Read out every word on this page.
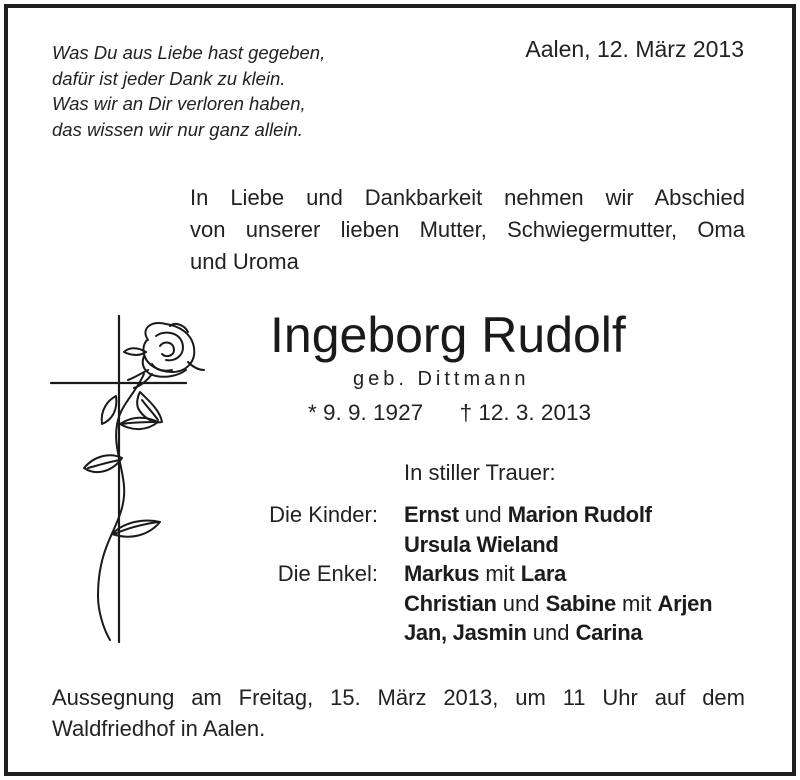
Was Du aus Liebe hast gegeben,
dafür ist jeder Dank zu klein.
Was wir an Dir verloren haben,
das wissen wir nur ganz allein.
Aalen, 12. März 2013
In Liebe und Dankbarkeit nehmen wir Abschied
von unserer lieben Mutter, Schwiegermutter, Oma
und Uroma
Ingeborg Rudolf
geb. Dittmann
* 9. 9. 1927 † 12. 3. 2013
In stiller Trauer:
Die Kinder:

Die Enkel:
Ernst und Marion Rudolf
Ursula Wieland
Markus mit Lara
Christian und Sabine mit Arjen
Jan, Jasmin und Carina
Aussegnung am Freitag, 15. März 2013, um 11 Uhr auf dem
Waldfriedhof in Aalen.
